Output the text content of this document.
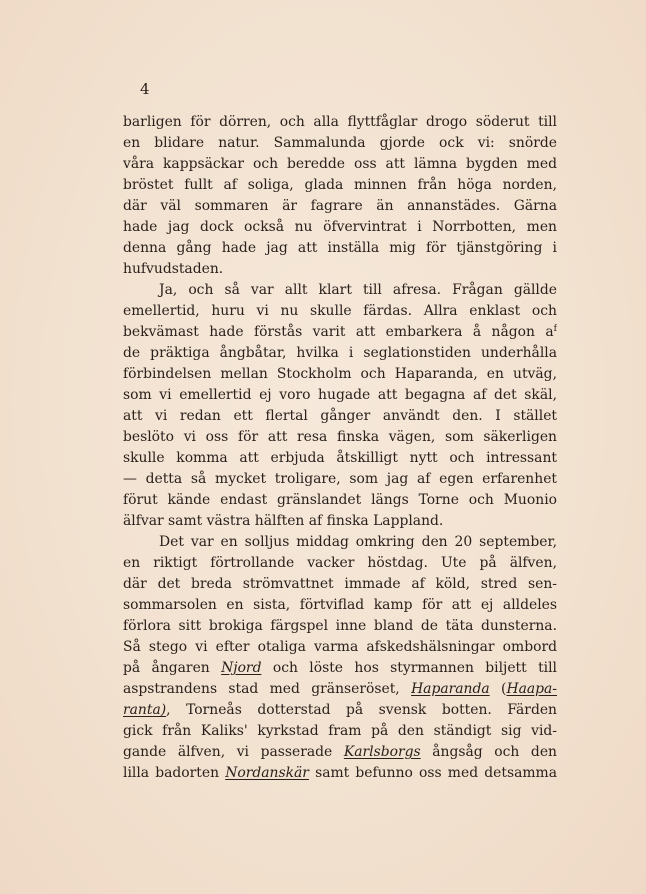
4
barligen för dörren, och alla flyttfåglar drogo söderut till
en blidare natur. Sammalunda gjorde ock vi: snörde
våra kappsäckar och beredde oss att lämna bygden med
bröstet fullt af soliga, glada minnen från höga norden,
där väl sommaren är fagrare än annanstädes. Gärna
hade jag dock också nu öfvervintrat i Norrbotten, men
denna gång hade jag att inställa mig för tjänstgöring i
hufvudstaden.
Ja, och så var allt klart till afresa. Frågan gällde
emellertid, huru vi nu skulle färdas. Allra enklast och
bekvämast hade förstås varit att embarkera å någon $a^f$
de präktiga ångbåtar, hvilka i seglationstiden underhålla
förbindelsen mellan Stockholm och Haparanda, en utväg,
som vi emellertid ej voro hugade att begagna af det skäl,
att vi redan ett flertal gånger användt den. I stället
beslöto vi oss för att resa finska vägen, som säkerligen
skulle komma att erbjuda åtskilligt nytt och intressant
— detta så mycket troligare, som jag af egen erfarenhet
förut kände endast gränslandet längs Torne och Muonio
älfvar samt västra hälften af finska Lappland.
Det var en solljus middag omkring den 20 september,
en riktigt förtrollande vacker höstdag. Ute på älfven,
där det breda strömvattnet immade af köld, stred sen-
sommarsolen en sista, förtviflad kamp för att ej alldeles
förlora sitt brokiga färgspel inne bland de täta dunsterna.
Så stego vi efter otaliga varma afskedshälsningar ombord
på ångaren Njord och löste hos styrmannen biljett till
aspstrandens stad med gränseröset, Haparanda (Haapa-
ranta), Torneås dotterstad på svensk botten. Färden
gick från Kaliks' kyrkstad fram på den ständigt sig vid-
gande älfven, vi passerade Karlsborgs ångsåg och den
lilla badorten Nordanskär samt befunno oss med detsamma
